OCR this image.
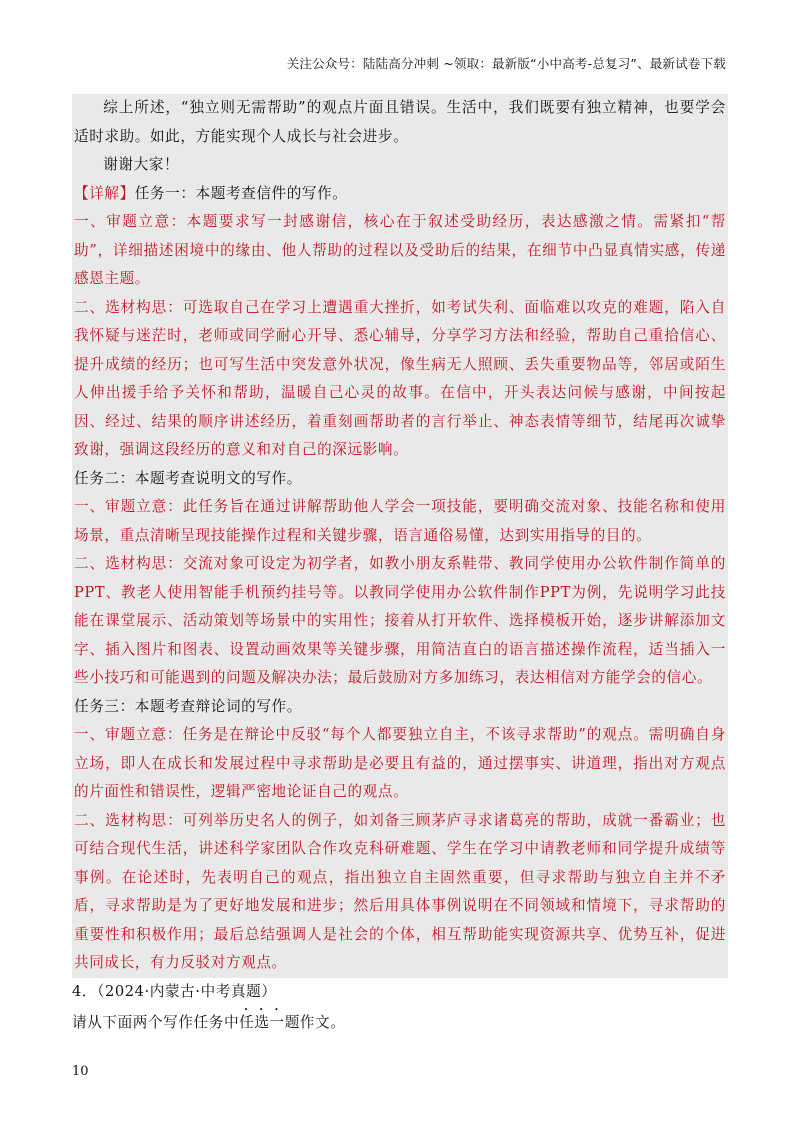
关注公众号：陆陆高分冲刺 ~领取：最新版“小中高考-总复习”、最新试卷下载

综上所述，“独立则无需帮助”的观点片面且错误。生活中，我们既要有独立精神，也要学会适时求助。如此，方能实现个人成长与社会进步。

谢谢大家！

【详解】任务一：本题考查信件的写作。

一、审题立意：本题要求写一封感谢信，核心在于叙述受助经历，表达感激之情。需紧扣“帮助”，详细描述困境中的缘由、他人帮助的过程以及受助后的结果，在细节中凸显真情实感，传递感恩主题。

二、选材构思：可选取自己在学习上遭遇重大挫折，如考试失利、面临难以攻克的难题，陷入自我怀疑与迷茫时，老师或同学耐心开导、悉心辅导，分享学习方法和经验，帮助自己重拾信心、提升成绩的经历；也可写生活中突发意外状况，像生病无人照顾、丢失重要物品等，邻居或陌生人伸出援手给予关怀和帮助，温暖自己心灵的故事。在信中，开头表达问候与感谢，中间按起因、经过、结果的顺序讲述经历，着重刻画帮助者的言行举止、神态表情等细节，结尾再次诚挚致谢，强调这段经历的意义和对自己的深远影响。

任务二：本题考查说明文的写作。

一、审题立意：此任务旨在通过讲解帮助他人学会一项技能，要明确交流对象、技能名称和使用场景，重点清晰呈现技能操作过程和关键步骤，语言通俗易懂，达到实用指导的目的。

二、选材构思：交流对象可设定为初学者，如教小朋友系鞋带、教同学使用办公软件制作简单的PPT、教老人使用智能手机预约挂号等。以教同学使用办公软件制作PPT为例，先说明学习此技能在课堂展示、活动策划等场景中的实用性；接着从打开软件、选择模板开始，逐步讲解添加文字、插入图片和图表、设置动画效果等关键步骤，用简洁直白的语言描述操作流程，适当插入一些小技巧和可能遇到的问题及解决办法；最后鼓励对方多加练习，表达相信对方能学会的信心。

任务三：本题考查辩论词的写作。

一、审题立意：任务是在辩论中反驳“每个人都要独立自主，不该寻求帮助”的观点。需明确自身立场，即人在成长和发展过程中寻求帮助是必要且有益的，通过摆事实、讲道理，指出对方观点的片面性和错误性，逻辑严密地论证自己的观点。

二、选材构思：可列举历史名人的例子，如刘备三顾茅庐寻求诸葛亮的帮助，成就一番霸业；也可结合现代生活，讲述科学家团队合作攻克科研难题、学生在学习中请教老师和同学提升成绩等事例。在论述时，先表明自己的观点，指出独立自主固然重要，但寻求帮助与独立自主并不矛盾，寻求帮助是为了更好地发展和进步；然后用具体事例说明在不同领域和情境下，寻求帮助的重要性和积极作用；最后总结强调人是社会的个体，相互帮助能实现资源共享、优势互补，促进共同成长，有力反驳对方观点。

4．（2024·内蒙古·中考真题）

请从下面两个写作任务中任选一题作文。

10
